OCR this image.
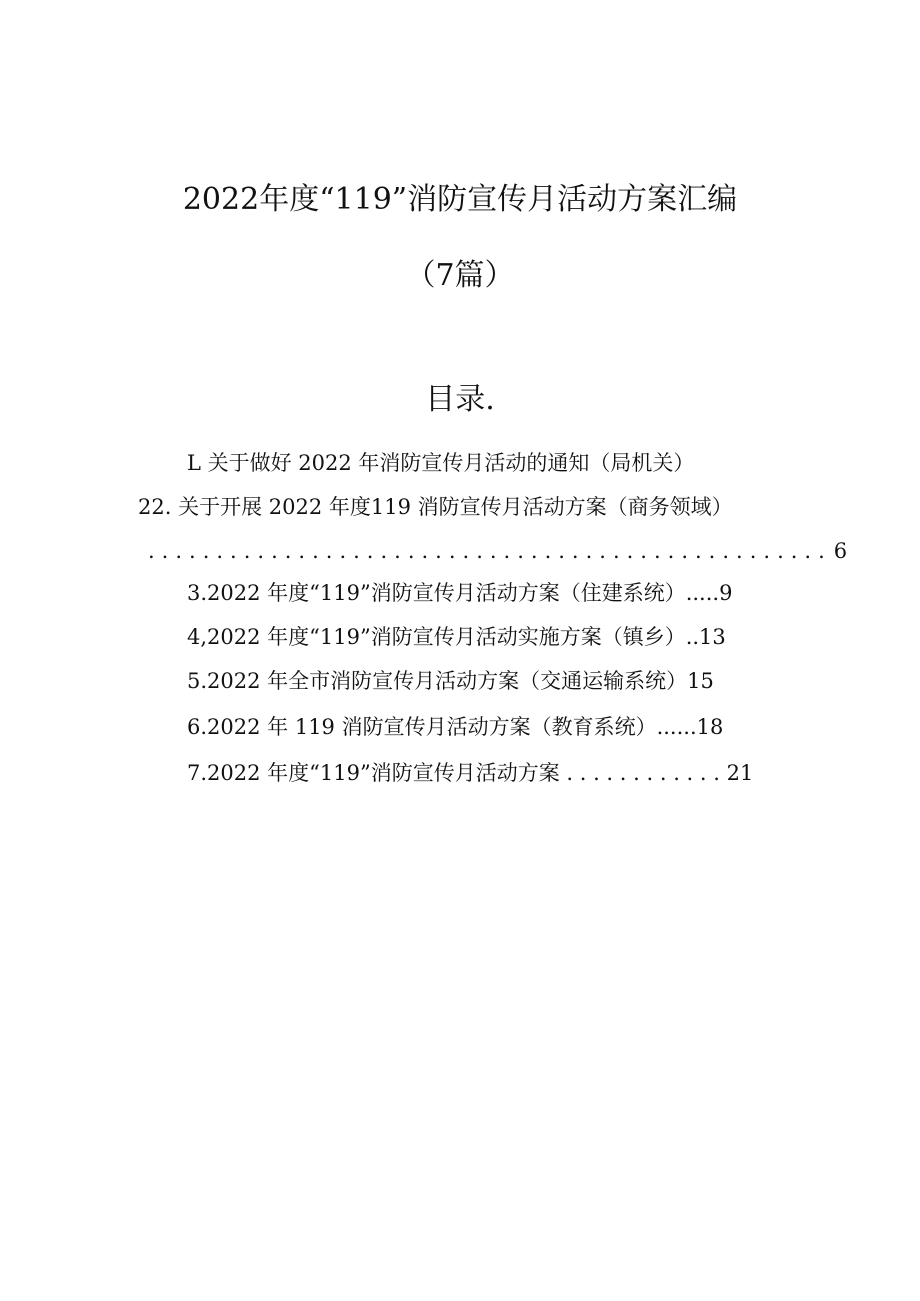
2022年度“119”消防宣传月活动方案汇编
（7篇）
目录.
L 关于做好 2022 年消防宣传月活动的通知（局机关）
22. 关于开展 2022 年度119 消防宣传月活动方案（商务领域）
.................................................. 6
3.2022 年度“119”消防宣传月活动方案（住建系统）.....9
4,2022 年度“119”消防宣传月活动实施方案（镇乡）..13
5.2022 年全市消防宣传月活动方案（交通运输系统）15
6.2022 年 119 消防宣传月活动方案（教育系统）......18
7.2022 年度“119”消防宣传月活动方案 . . . . . . . . . . . . 21
